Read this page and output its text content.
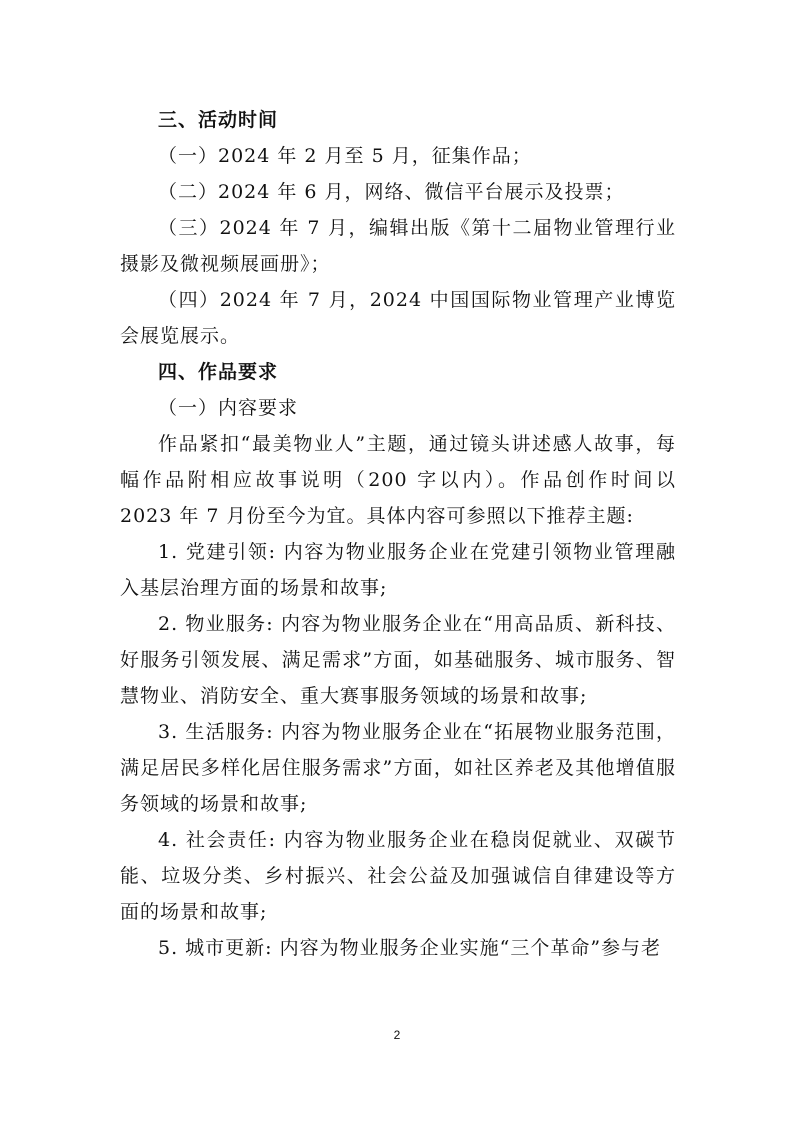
三、活动时间

（一）2024 年 2 月至 5 月，征集作品；

（二）2024 年 6 月，网络、微信平台展示及投票；

（三）2024 年 7 月，编辑出版《第十二届物业管理行业摄影及微视频展画册》；

（四）2024 年 7 月，2024 中国国际物业管理产业博览会展览展示。

四、作品要求

（一）内容要求

作品紧扣“最美物业人”主题，通过镜头讲述感人故事，每幅作品附相应故事说明（200 字以内）。作品创作时间以 2023 年 7 月份至今为宜。具体内容可参照以下推荐主题:

1. 党建引领: 内容为物业服务企业在党建引领物业管理融入基层治理方面的场景和故事;

2. 物业服务: 内容为物业服务企业在“用高品质、新科技、好服务引领发展、满足需求”方面，如基础服务、城市服务、智慧物业、消防安全、重大赛事服务领域的场景和故事;

3. 生活服务: 内容为物业服务企业在“拓展物业服务范围，满足居民多样化居住服务需求”方面，如社区养老及其他增值服务领域的场景和故事;

4. 社会责任: 内容为物业服务企业在稳岗促就业、双碳节能、垃圾分类、乡村振兴、社会公益及加强诚信自律建设等方面的场景和故事;

5. 城市更新: 内容为物业服务企业实施“三个革命”参与老

2
